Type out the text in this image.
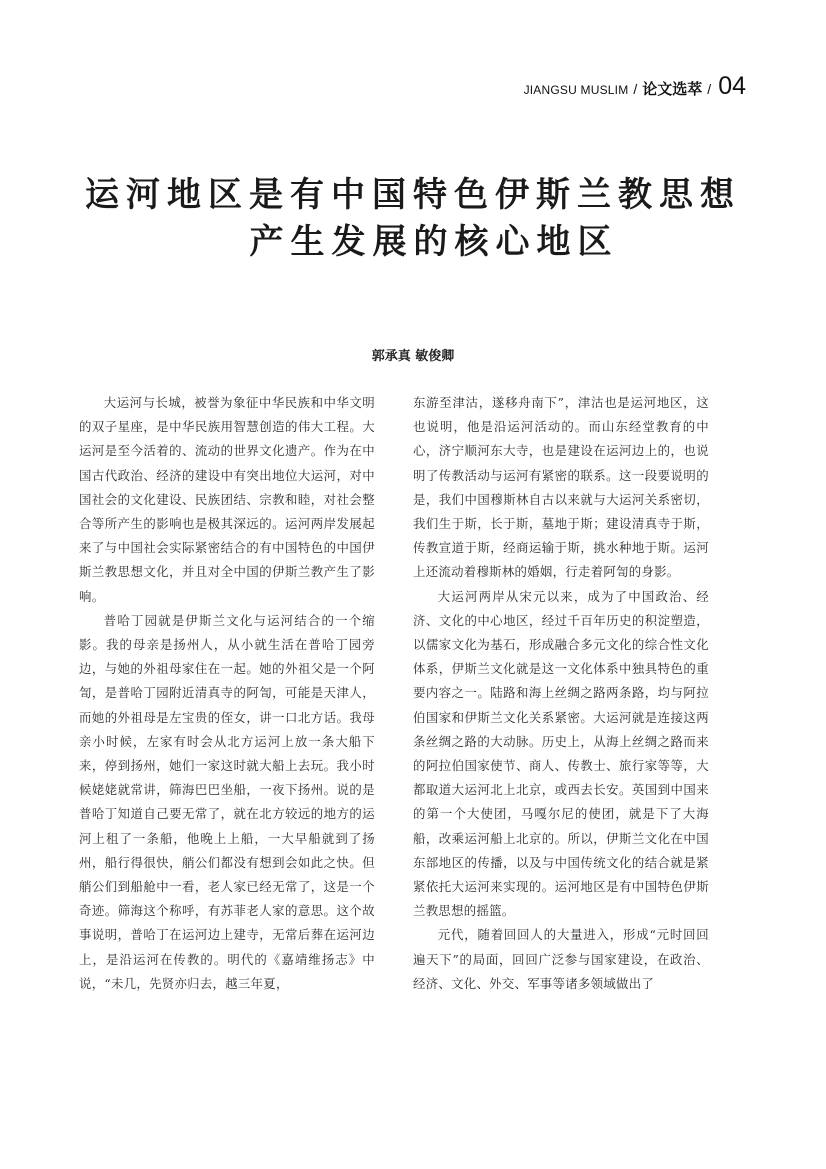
JIANGSU MUSLIM / 论文选萃 / 04
运河地区是有中国特色伊斯兰教思想
产生发展的核心地区
郭承真 敏俊卿

大运河与长城，被誉为象征中华民族和中华文明的双子星座，是中华民族用智慧创造的伟大工程。大运河是至今活着的、流动的世界文化遗产。作为在中国古代政治、经济的建设中有突出地位大运河，对中国社会的文化建设、民族团结、宗教和睦，对社会整合等所产生的影响也是极其深远的。运河两岸发展起来了与中国社会实际紧密结合的有中国特色的中国伊斯兰教思想文化，并且对全中国的伊斯兰教产生了影响。

普哈丁园就是伊斯兰文化与运河结合的一个缩影。我的母亲是扬州人，从小就生活在普哈丁园旁边，与她的外祖母家住在一起。她的外祖父是一个阿訇，是普哈丁园附近清真寺的阿訇，可能是天津人，而她的外祖母是左宝贵的侄女，讲一口北方话。我母亲小时候，左家有时会从北方运河上放一条大船下来，停到扬州，她们一家这时就大船上去玩。我小时候姥姥就常讲，筛海巴巴坐船，一夜下扬州。说的是普哈丁知道自己要无常了，就在北方较远的地方的运河上租了一条船，他晚上上船，一大早船就到了扬州，船行得很快，艄公们都没有想到会如此之快。但艄公们到船舱中一看，老人家已经无常了，这是一个奇迹。筛海这个称呼，有苏菲老人家的意思。这个故事说明，普哈丁在运河边上建寺，无常后葬在运河边上，是沿运河在传教的。明代的《嘉靖维扬志》中说，“未几，先贤亦归去，越三年夏，

东游至津沽，遂移舟南下”，津沽也是运河地区，这也说明，他是沿运河活动的。而山东经堂教育的中心，济宁顺河东大寺，也是建设在运河边上的，也说明了传教活动与运河有紧密的联系。这一段要说明的是，我们中国穆斯林自古以来就与大运河关系密切，我们生于斯，长于斯，墓地于斯；建设清真寺于斯，传教宣道于斯，经商运输于斯，挑水种地于斯。运河上还流动着穆斯林的婚姻，行走着阿訇的身影。

大运河两岸从宋元以来，成为了中国政治、经济、文化的中心地区，经过千百年历史的积淀塑造，以儒家文化为基石，形成融合多元文化的综合性文化体系，伊斯兰文化就是这一文化体系中独具特色的重要内容之一。陆路和海上丝绸之路两条路，均与阿拉伯国家和伊斯兰文化关系紧密。大运河就是连接这两条丝绸之路的大动脉。历史上，从海上丝绸之路而来的阿拉伯国家使节、商人、传教士、旅行家等等，大都取道大运河北上北京，或西去长安。英国到中国来的第一个大使团，马嘎尔尼的使团，就是下了大海船，改乘运河船上北京的。所以，伊斯兰文化在中国东部地区的传播，以及与中国传统文化的结合就是紧紧依托大运河来实现的。运河地区是有中国特色伊斯兰教思想的摇篮。

元代，随着回回人的大量进入，形成“元时回回遍天下”的局面，回回广泛参与国家建设，在政治、经济、文化、外交、军事等诸多领域做出了
